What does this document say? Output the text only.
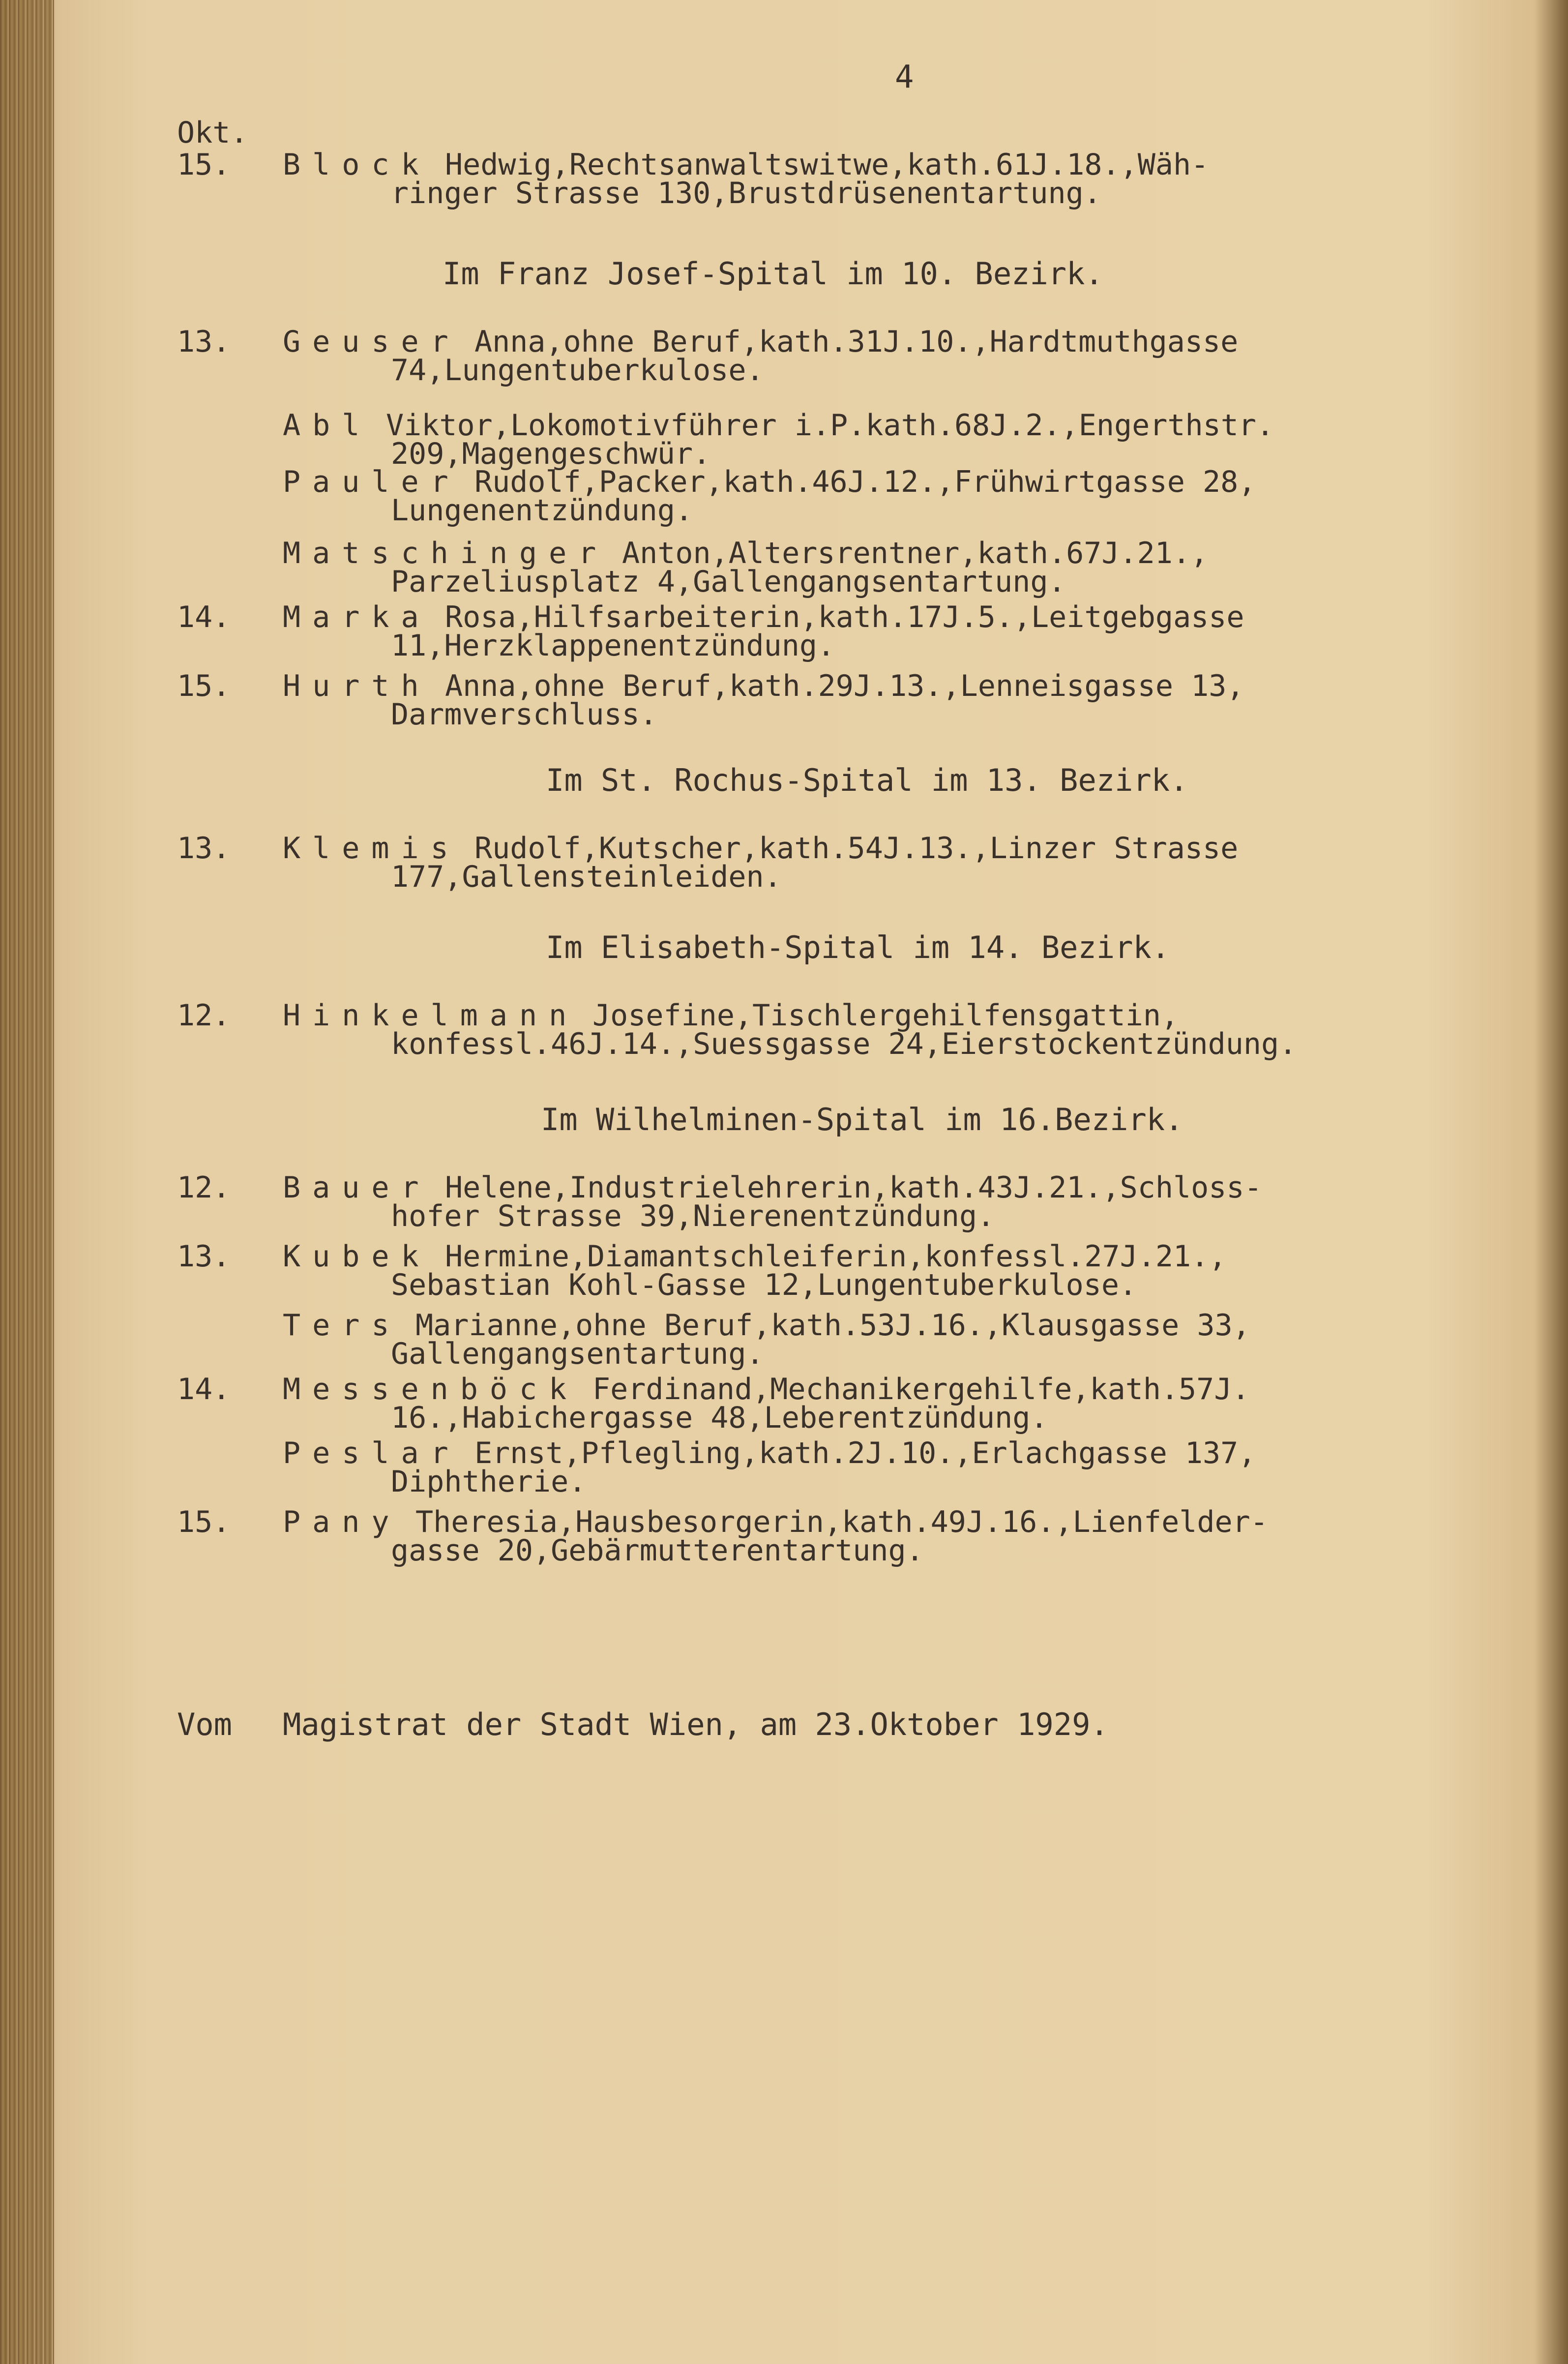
4
Okt.
15.	Block Hedwig,Rechtsanwaltswitwe,kath.61J.18.,Wäh-
ringer Strasse 130,Brustdrüsenentartung.
Im Franz Josef-Spital im 10. Bezirk.
13.	Geuser Anna,ohne Beruf,kath.31J.10.,Hardtmuthgasse
74,Lungentuberkulose.
Abl Viktor,Lokomotivführer i.P.kath.68J.2.,Engerthstr.
209,Magengeschwür.
Pauler Rudolf,Packer,kath.46J.12.,Frühwirtgasse 28,
Lungenentzündung.
Matschinger Anton,Altersrentner,kath.67J.21.,
Parzeliusplatz 4,Gallengangsentartung.
14.	Marka Rosa,Hilfsarbeiterin,kath.17J.5.,Leitgebgasse
11,Herzklappenentzündung.
15.	Hurth Anna,ohne Beruf,kath.29J.13.,Lenneisgasse 13,
Darmverschluss.
Im St. Rochus-Spital im 13. Bezirk.
13.	Klemis Rudolf,Kutscher,kath.54J.13.,Linzer Strasse
177,Gallensteinleiden.
Im Elisabeth-Spital im 14. Bezirk.
12.	Hinkelmann Josefine,Tischlergehilfensgattin,
konfessl.46J.14.,Suessgasse 24,Eierstockentzündung.
Im Wilhelminen-Spital im 16.Bezirk.
12.	Bauer Helene,Industrielehrerin,kath.43J.21.,Schloss-
hofer Strasse 39,Nierenentzündung.
13.	Kubek Hermine,Diamantschleiferin,konfessl.27J.21.,
Sebastian Kohl-Gasse 12,Lungentuberkulose.
Ters Marianne,ohne Beruf,kath.53J.16.,Klausgasse 33,
Gallengangsentartung.
14.	Messenböck Ferdinand,Mechanikergehilfe,kath.57J.
16.,Habichergasse 48,Leberentzündung.
Peslar Ernst,Pflegling,kath.2J.10.,Erlachgasse 137,
Diphtherie.
15.	Pany Theresia,Hausbesorgerin,kath.49J.16.,Lienfelder-
gasse 20,Gebärmutterentartung.
Vom Magistrat der Stadt Wien, am 23.Oktober 1929.
